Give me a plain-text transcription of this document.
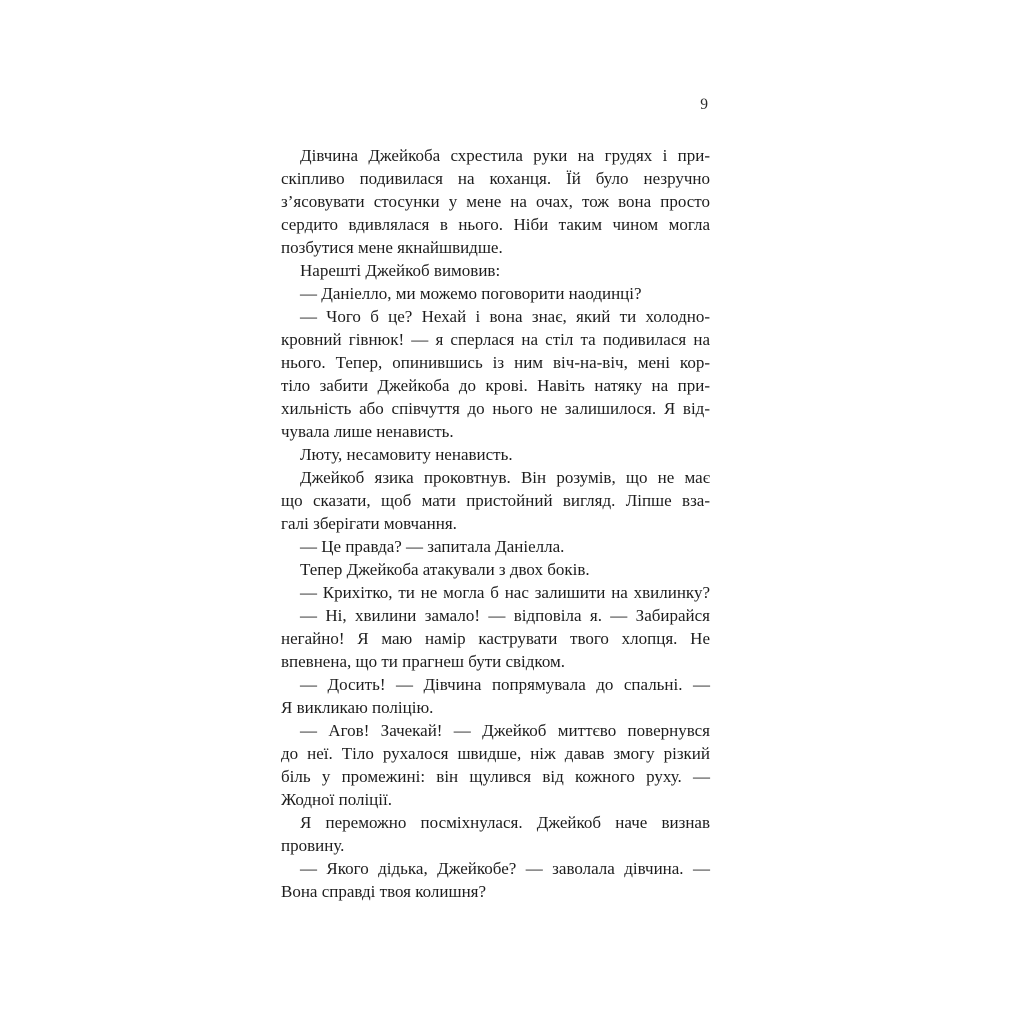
9
Дівчина Джейкоба схрестила руки на грудях і при-
скіпливо подивилася на коханця. Їй було незручно
з’ясовувати стосунки у мене на очах, тож вона просто
сердито вдивлялася в нього. Ніби таким чином могла
позбутися мене якнайшвидше.
Нарешті Джейкоб вимовив:
— Даніелло, ми можемо поговорити наодинці?
— Чого б це? Нехай і вона знає, який ти холодно-
кровний гівнюк! — я сперлася на стіл та подивилася на
нього. Тепер, опинившись із ним віч-на-віч, мені кор-
тіло забити Джейкоба до крові. Навіть натяку на при-
хильність або співчуття до нього не залишилося. Я від-
чувала лише ненависть.
Люту, несамовиту ненависть.
Джейкоб язика проковтнув. Він розумів, що не має
що сказати, щоб мати пристойний вигляд. Ліпше вза-
галі зберігати мовчання.
— Це правда? — запитала Даніелла.
Тепер Джейкоба атакували з двох боків.
— Крихітко, ти не могла б нас залишити на хвилинку?
— Ні, хвилини замало! — відповіла я. — Забирайся
негайно! Я маю намір каструвати твого хлопця. Не
впевнена, що ти прагнеш бути свідком.
— Досить! — Дівчина попрямувала до спальні. —
Я викликаю поліцію.
— Агов! Зачекай! — Джейкоб миттєво повернувся
до неї. Тіло рухалося швидше, ніж давав змогу різкий
біль у промежині: він щулився від кожного руху. —
Жодної поліції.
Я переможно посміхнулася. Джейкоб наче визнав
провину.
— Якого дідька, Джейкобе? — заволала дівчина. —
Вона справді твоя колишня?
